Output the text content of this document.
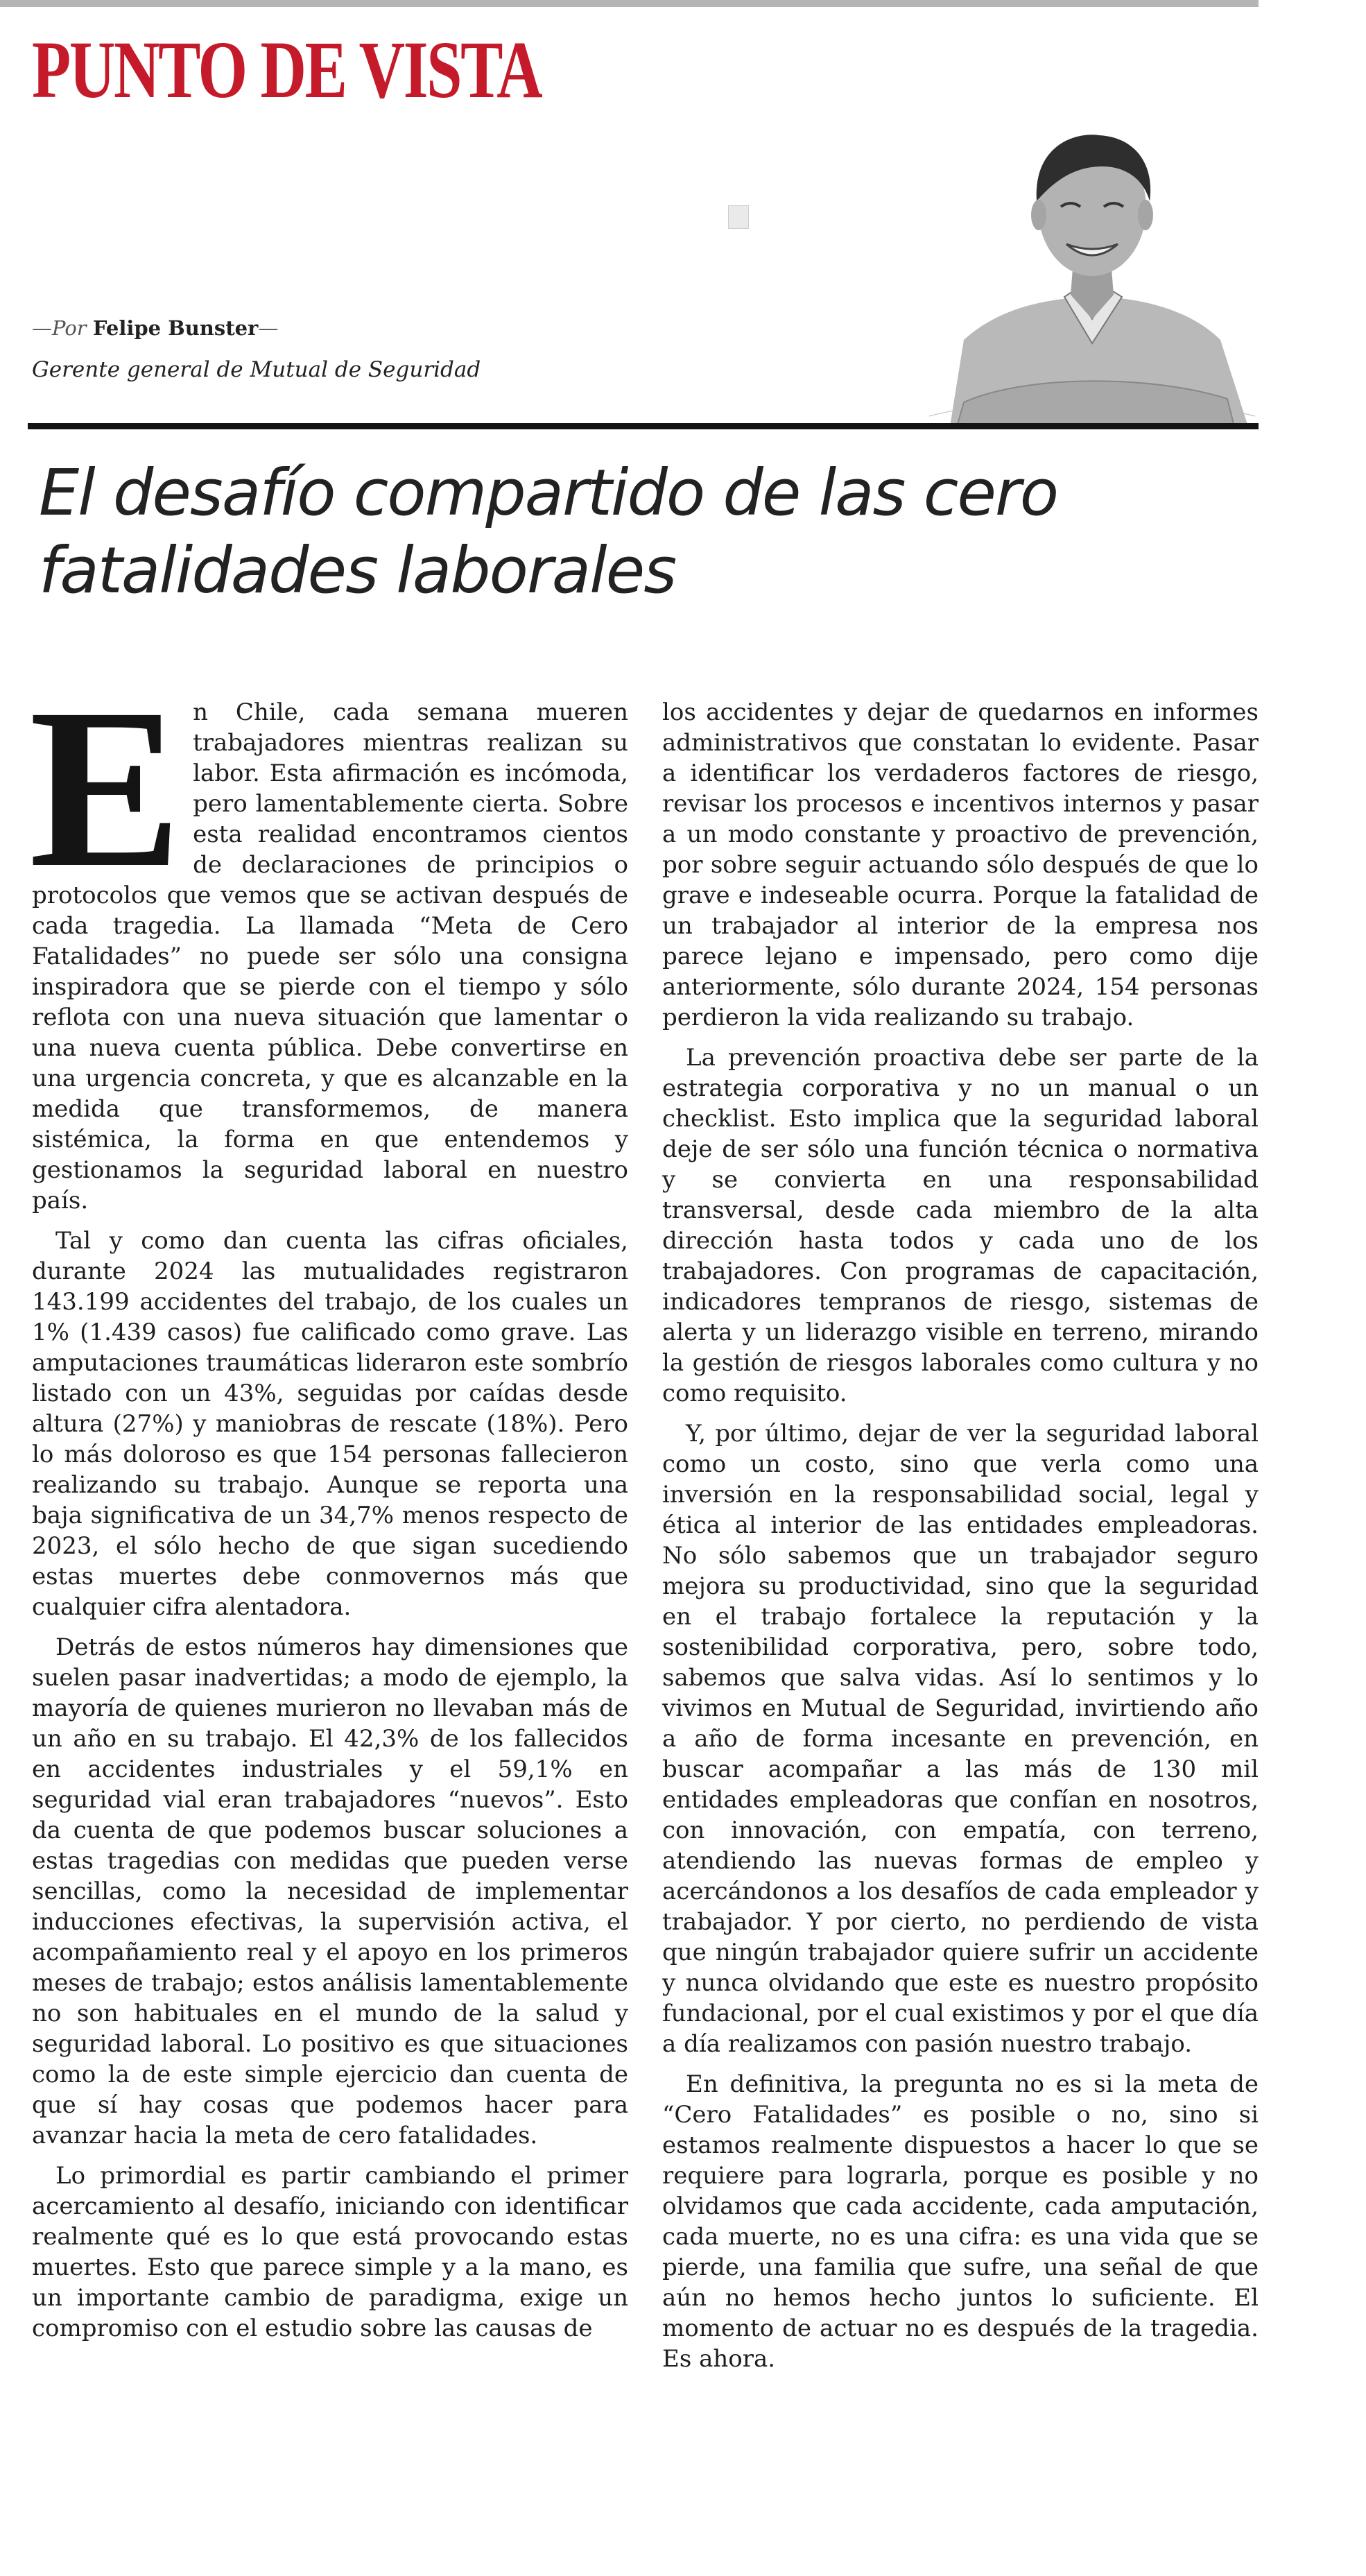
PUNTO DE VISTA
—Por Felipe Bunster—
Gerente general de Mutual de Seguridad
El desafío compartido de las cero fatalidades laborales

En Chile, cada semana mueren trabajadores mientras realizan su labor. Esta afirmación es incómoda, pero lamentablemente cierta. Sobre esta realidad encontramos cientos de declaraciones de principios o protocolos que vemos que se activan después de cada tragedia. La llamada “Meta de Cero Fatalidades” no puede ser sólo una consigna inspiradora que se pierde con el tiempo y sólo reflota con una nueva situación que lamentar o una nueva cuenta pública. Debe convertirse en una urgencia concreta, y que es alcanzable en la medida que transformemos, de manera sistémica, la forma en que entendemos y gestionamos la seguridad laboral en nuestro país.

Tal y como dan cuenta las cifras oficiales, durante 2024 las mutualidades registraron 143.199 accidentes del trabajo, de los cuales un 1% (1.439 casos) fue calificado como grave. Las amputaciones traumáticas lideraron este sombrío listado con un 43%, seguidas por caídas desde altura (27%) y maniobras de rescate (18%). Pero lo más doloroso es que 154 personas fallecieron realizando su trabajo. Aunque se reporta una baja significativa de un 34,7% menos respecto de 2023, el sólo hecho de que sigan sucediendo estas muertes debe conmovernos más que cualquier cifra alentadora.

Detrás de estos números hay dimensiones que suelen pasar inadvertidas; a modo de ejemplo, la mayoría de quienes murieron no llevaban más de un año en su trabajo. El 42,3% de los fallecidos en accidentes industriales y el 59,1% en seguridad vial eran trabajadores “nuevos”. Esto da cuenta de que podemos buscar soluciones a estas tragedias con medidas que pueden verse sencillas, como la necesidad de implementar inducciones efectivas, la supervisión activa, el acompañamiento real y el apoyo en los primeros meses de trabajo; estos análisis lamentablemente no son habituales en el mundo de la salud y seguridad laboral. Lo positivo es que situaciones como la de este simple ejercicio dan cuenta de que sí hay cosas que podemos hacer para avanzar hacia la meta de cero fatalidades.

Lo primordial es partir cambiando el primer acercamiento al desafío, iniciando con identificar realmente qué es lo que está provocando estas muertes. Esto que parece simple y a la mano, es un importante cambio de paradigma, exige un compromiso con el estudio sobre las causas de

los accidentes y dejar de quedarnos en informes administrativos que constatan lo evidente. Pasar a identificar los verdaderos factores de riesgo, revisar los procesos e incentivos internos y pasar a un modo constante y proactivo de prevención, por sobre seguir actuando sólo después de que lo grave e indeseable ocurra. Porque la fatalidad de un trabajador al interior de la empresa nos parece lejano e impensado, pero como dije anteriormente, sólo durante 2024, 154 personas perdieron la vida realizando su trabajo.

La prevención proactiva debe ser parte de la estrategia corporativa y no un manual o un checklist. Esto implica que la seguridad laboral deje de ser sólo una función técnica o normativa y se convierta en una responsabilidad transversal, desde cada miembro de la alta dirección hasta todos y cada uno de los trabajadores. Con programas de capacitación, indicadores tempranos de riesgo, sistemas de alerta y un liderazgo visible en terreno, mirando la gestión de riesgos laborales como cultura y no como requisito.

Y, por último, dejar de ver la seguridad laboral como un costo, sino que verla como una inversión en la responsabilidad social, legal y ética al interior de las entidades empleadoras. No sólo sabemos que un trabajador seguro mejora su productividad, sino que la seguridad en el trabajo fortalece la reputación y la sostenibilidad corporativa, pero, sobre todo, sabemos que salva vidas. Así lo sentimos y lo vivimos en Mutual de Seguridad, invirtiendo año a año de forma incesante en prevención, en buscar acompañar a las más de 130 mil entidades empleadoras que confían en nosotros, con innovación, con empatía, con terreno, atendiendo las nuevas formas de empleo y acercándonos a los desafíos de cada empleador y trabajador. Y por cierto, no perdiendo de vista que ningún trabajador quiere sufrir un accidente y nunca olvidando que este es nuestro propósito fundacional, por el cual existimos y por el que día a día realizamos con pasión nuestro trabajo.

En definitiva, la pregunta no es si la meta de “Cero Fatalidades” es posible o no, sino si estamos realmente dispuestos a hacer lo que se requiere para lograrla, porque es posible y no olvidamos que cada accidente, cada amputación, cada muerte, no es una cifra: es una vida que se pierde, una familia que sufre, una señal de que aún no hemos hecho juntos lo suficiente. El momento de actuar no es después de la tragedia. Es ahora.
